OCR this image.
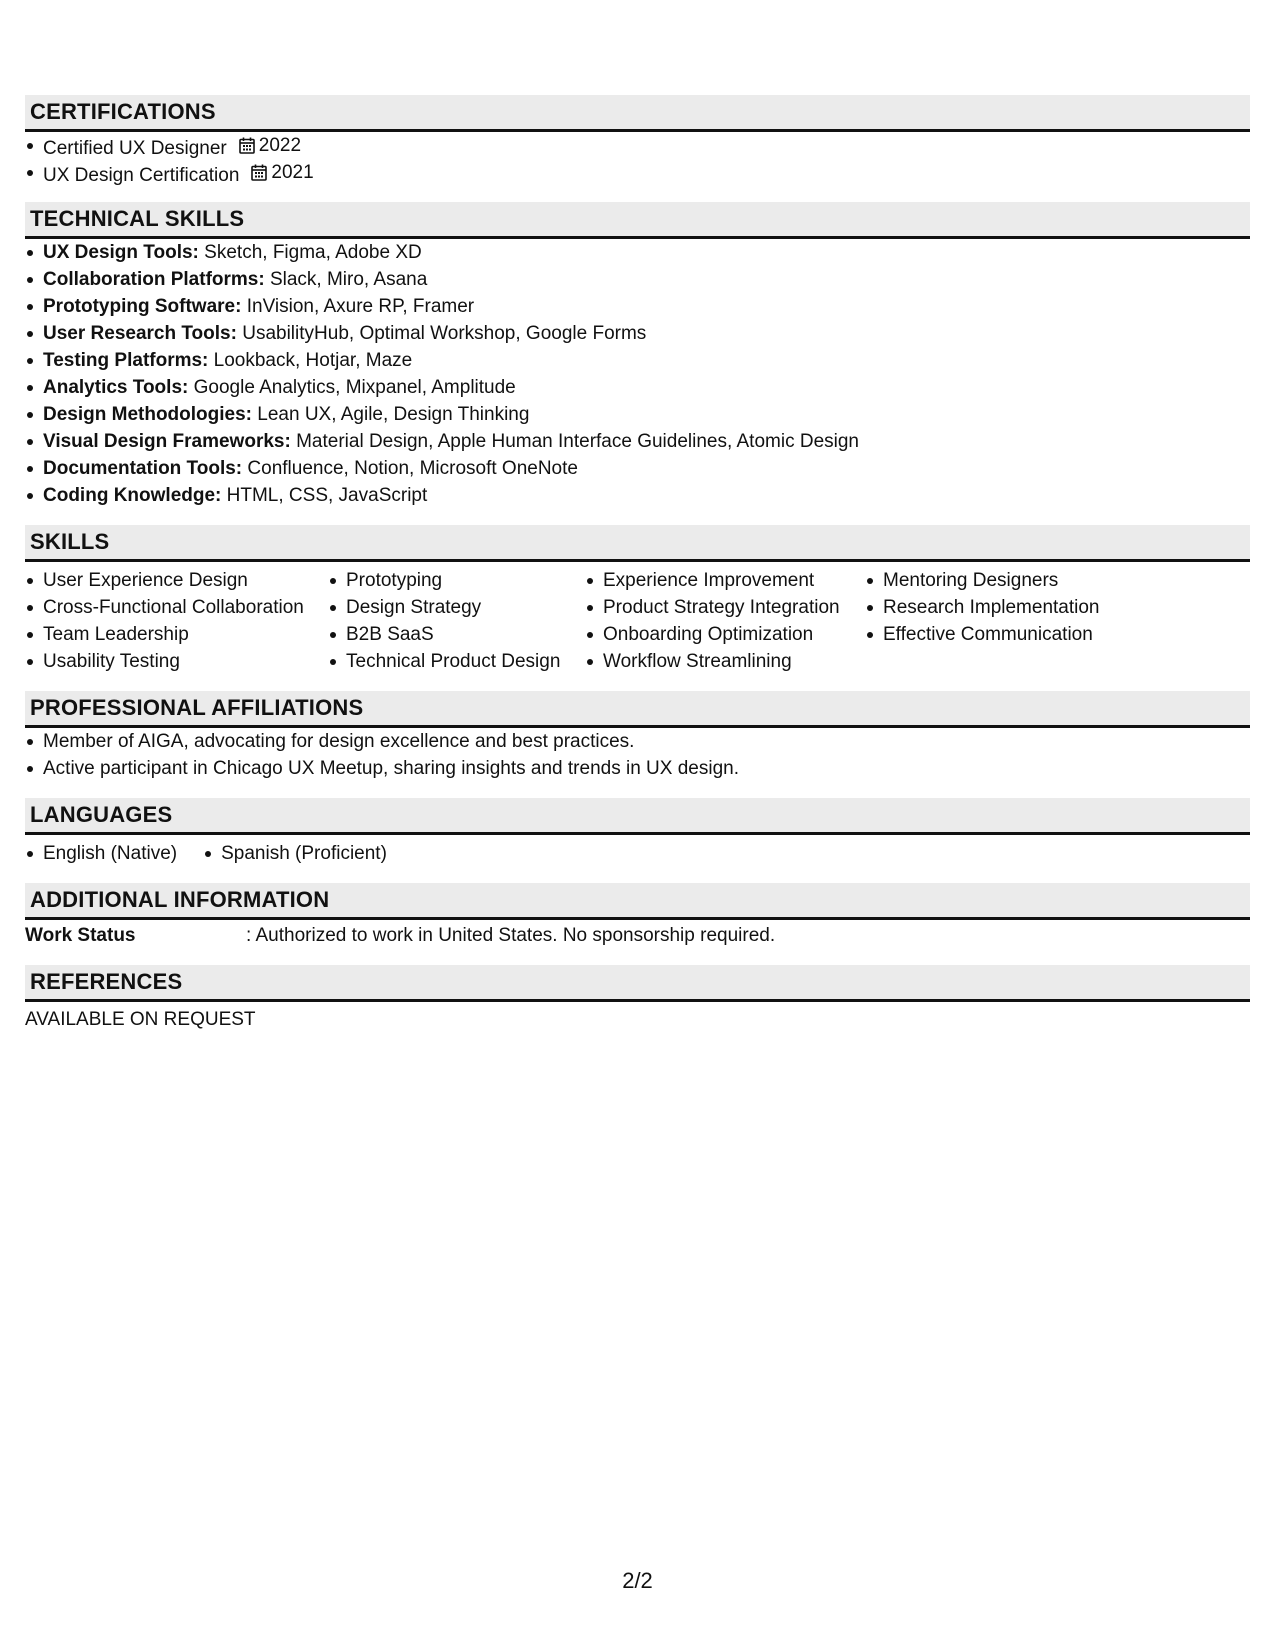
CERTIFICATIONS
Certified UX Designer 2022
UX Design Certification 2021
TECHNICAL SKILLS
UX Design Tools: Sketch, Figma, Adobe XD
Collaboration Platforms: Slack, Miro, Asana
Prototyping Software: InVision, Axure RP, Framer
User Research Tools: UsabilityHub, Optimal Workshop, Google Forms
Testing Platforms: Lookback, Hotjar, Maze
Analytics Tools: Google Analytics, Mixpanel, Amplitude
Design Methodologies: Lean UX, Agile, Design Thinking
Visual Design Frameworks: Material Design, Apple Human Interface Guidelines, Atomic Design
Documentation Tools: Confluence, Notion, Microsoft OneNote
Coding Knowledge: HTML, CSS, JavaScript
SKILLS
User Experience Design
Cross-Functional Collaboration
Team Leadership
Usability Testing
Prototyping
Design Strategy
B2B SaaS
Technical Product Design
Experience Improvement
Product Strategy Integration
Onboarding Optimization
Workflow Streamlining
Mentoring Designers
Research Implementation
Effective Communication
PROFESSIONAL AFFILIATIONS
Member of AIGA, advocating for design excellence and best practices.
Active participant in Chicago UX Meetup, sharing insights and trends in UX design.
LANGUAGES
English (Native)	Spanish (Proficient)
ADDITIONAL INFORMATION
Work Status	: Authorized to work in United States. No sponsorship required.
REFERENCES
AVAILABLE ON REQUEST
2/2
